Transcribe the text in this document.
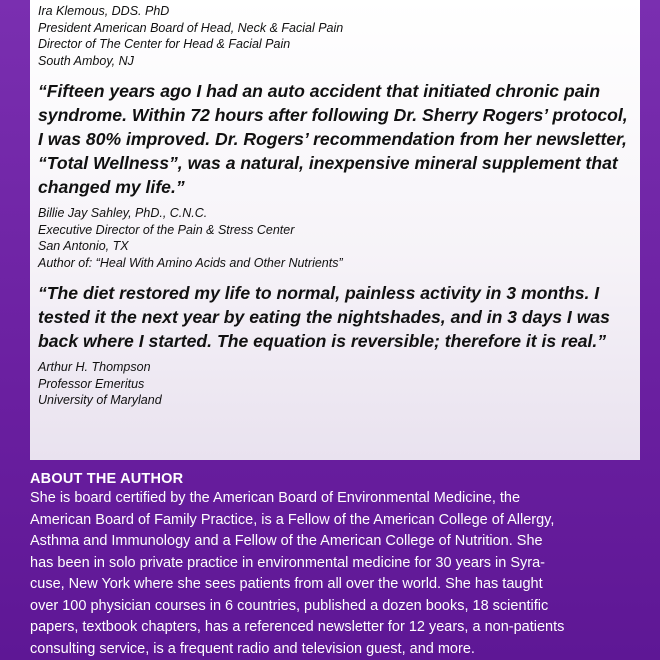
Ira Klemous, DDS. PhD
President American Board of Head, Neck & Facial Pain
Director of The Center for Head & Facial Pain
South Amboy, NJ
“Fifteen years ago I had an auto accident that initiated chronic pain
syndrome. Within 72 hours after following Dr. Sherry Rogers’ protocol,
I was 80% improved. Dr. Rogers’ recommendation from her newsletter,
“Total Wellness”, was a natural, inexpensive mineral supplement that
changed my life.”
Billie Jay Sahley, PhD., C.N.C.
Executive Director of the Pain & Stress Center
San Antonio, TX
Author of: “Heal With Amino Acids and Other Nutrients”
“The diet restored my life to normal, painless activity in 3 months. I
tested it the next year by eating the nightshades, and in 3 days I was
back where I started. The equation is reversible; therefore it is real.”
Arthur H. Thompson
Professor Emeritus
University of Maryland
ABOUT THE AUTHOR
She is board certified by the American Board of Environmental Medicine, the
American Board of Family Practice, is a Fellow of the American College of Allergy,
Asthma and Immunology and a Fellow of the American College of Nutrition. She
has been in solo private practice in environmental medicine for 30 years in Syra-
cuse, New York where she sees patients from all over the world. She has taught
over 100 physician courses in 6 countries, published a dozen books, 18 scientific
papers, textbook chapters, has a referenced newsletter for 12 years, a non-patients
consulting service, is a frequent radio and television guest, and more.
